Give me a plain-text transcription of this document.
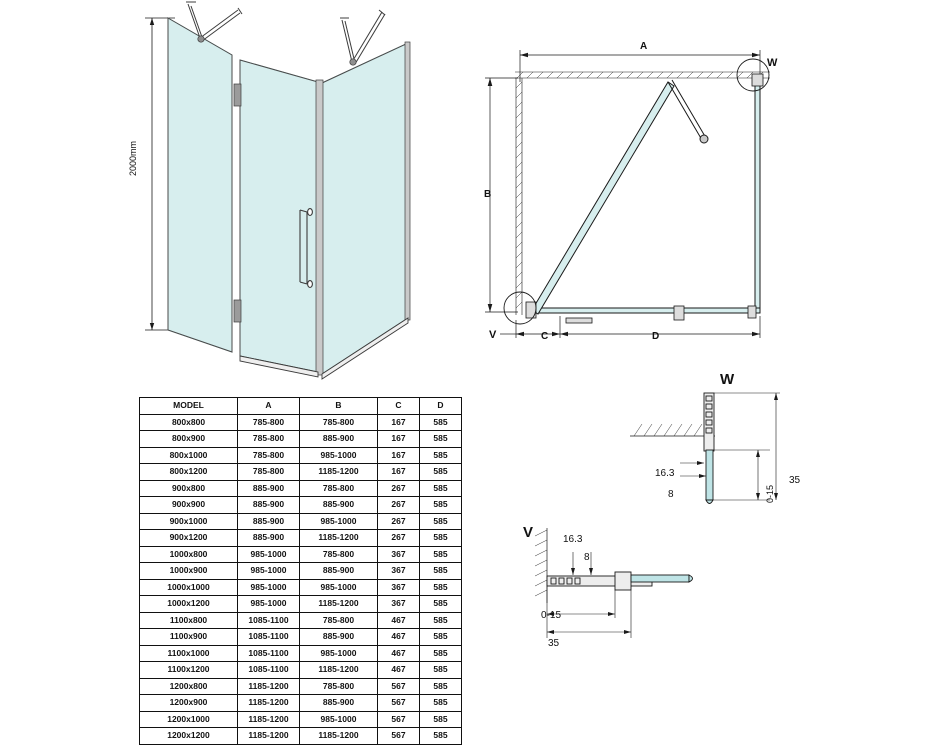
2000mm
A
B
C	D
W
V
W
16.3
8
35
0-15
V	16.3
8
0-15
35
MODEL	A	B	C	D
800x800	785-800	785-800	167	585
800x900	785-800	885-900	167	585
800x1000	785-800	985-1000	167	585
800x1200	785-800	1185-1200	167	585
900x800	885-900	785-800	267	585
900x900	885-900	885-900	267	585
900x1000	885-900	985-1000	267	585
900x1200	885-900	1185-1200	267	585
1000x800	985-1000	785-800	367	585
1000x900	985-1000	885-900	367	585
1000x1000	985-1000	985-1000	367	585
1000x1200	985-1000	1185-1200	367	585
1100x800	1085-1100	785-800	467	585
1100x900	1085-1100	885-900	467	585
1100x1000	1085-1100	985-1000	467	585
1100x1200	1085-1100	1185-1200	467	585
1200x800	1185-1200	785-800	567	585
1200x900	1185-1200	885-900	567	585
1200x1000	1185-1200	985-1000	567	585
1200x1200	1185-1200	1185-1200	567	585
